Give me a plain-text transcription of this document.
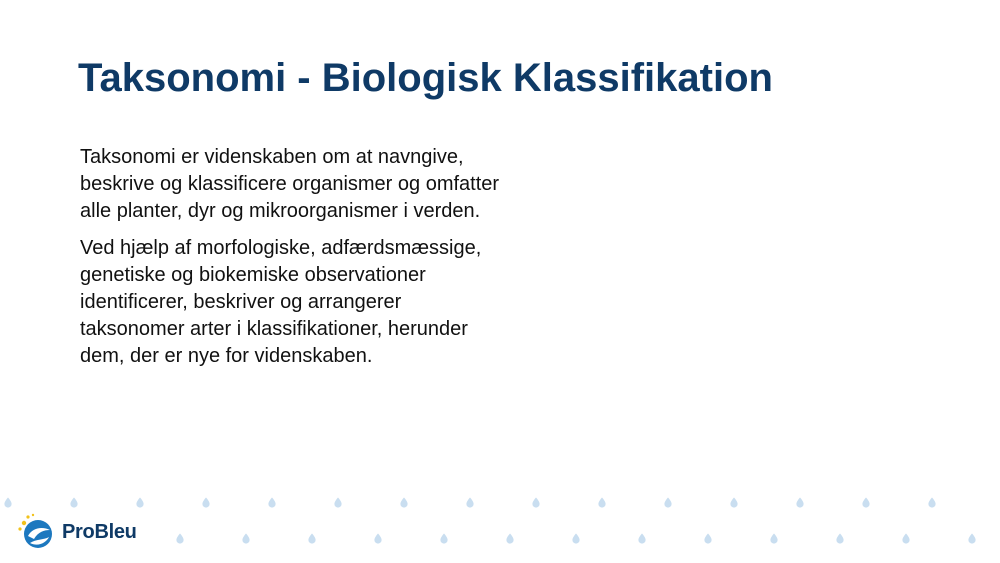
Taksonomi - Biologisk Klassifikation

Taksonomi er videnskaben om at navngive, beskrive og klassificere organismer og omfatter alle planter, dyr og mikroorganismer i verden.

Ved hjælp af morfologiske, adfærdsmæssige, genetiske og biokemiske observationer identificerer, beskriver og arrangerer taksonomer arter i klassifikationer, herunder dem, der er nye for videnskaben.

ProBleu
